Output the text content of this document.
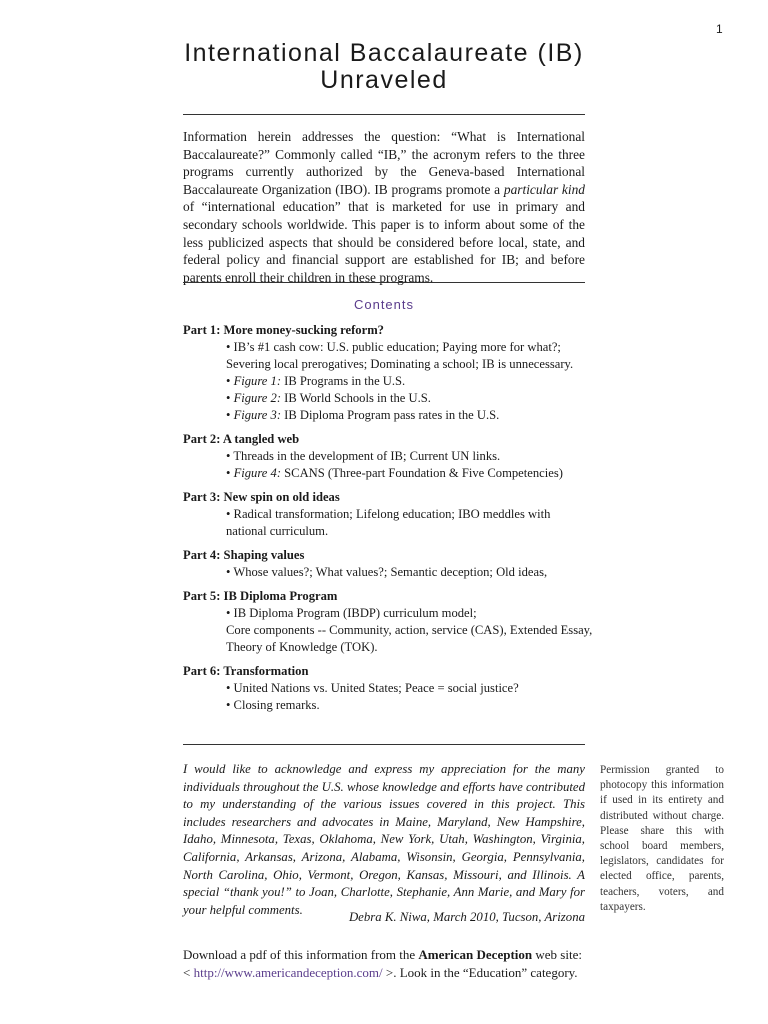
1
International Baccalaureate (IB)
Unraveled
Information herein addresses the question: “What is International Baccalaureate?” Commonly called “IB,” the acronym refers to the three programs currently authorized by the Geneva-based International Baccalaureate Organization (IBO). IB programs promote a particular kind of “international education” that is marketed for use in primary and secondary schools worldwide. This paper is to inform about some of the less publicized aspects that should be considered before local, state, and federal policy and financial support are established for IB; and before parents enroll their children in these programs.
Contents
Part 1: More money-sucking reform?
• IB’s #1 cash cow: U.S. public education; Paying more for what?;
Severing local prerogatives; Dominating a school; IB is unnecessary.
• Figure 1: IB Programs in the U.S.
• Figure 2: IB World Schools in the U.S.
• Figure 3: IB Diploma Program pass rates in the U.S.
Part 2: A tangled web
• Threads in the development of IB; Current UN links.
• Figure 4: SCANS (Three-part Foundation & Five Competencies)
Part 3: New spin on old ideas
• Radical transformation; Lifelong education; IBO meddles with
national curriculum.
Part 4: Shaping values
• Whose values?; What values?; Semantic deception; Old ideas,
Part 5: IB Diploma Program
• IB Diploma Program (IBDP) curriculum model;
Core components -- Community, action, service (CAS), Extended Essay,
Theory of Knowledge (TOK).
Part 6: Transformation
• United Nations vs. United States; Peace = social justice?
• Closing remarks.
I would like to acknowledge and express my appreciation for the many individuals throughout the U.S. whose knowledge and efforts have contributed to my understanding of the various issues covered in this project. This includes researchers and advocates in Maine, Maryland, New Hampshire, Idaho, Minnesota, Texas, Oklahoma, New York, Utah, Washington, Virginia, California, Arkansas, Arizona, Alabama, Wisonsin, Georgia, Pennsylvania, North Carolina, Ohio, Vermont, Oregon, Kansas, Missouri, and Illinois. A special “thank you!” to Joan, Charlotte, Stephanie, Ann Marie, and Mary for your helpful comments.
Debra K. Niwa, March 2010, Tucson, Arizona
Download a pdf of this information from the American Deception web site:
< http://www.americandeception.com/ >. Look in the “Education” category.
Permission granted to photocopy this information if used in its entirety and distributed without charge. Please share this with school board members, legislators, candidates for elected office, parents, teachers, voters, and taxpayers.
